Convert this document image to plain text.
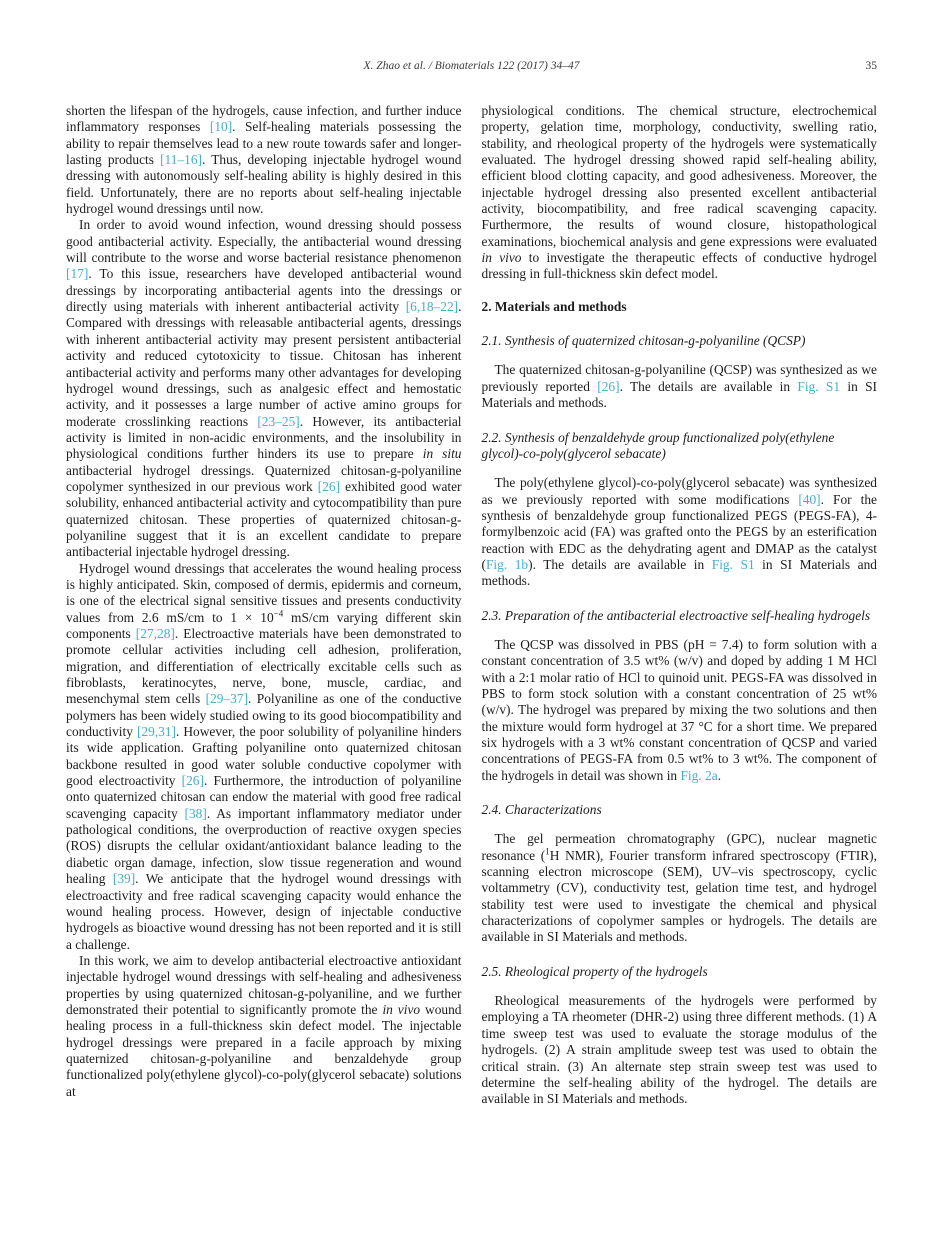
X. Zhao et al. / Biomaterials 122 (2017) 34–47	35

shorten the lifespan of the hydrogels, cause infection, and further induce inflammatory responses [10]. Self-healing materials possessing the ability to repair themselves lead to a new route towards safer and longer-lasting products [11–16]. Thus, developing injectable hydrogel wound dressing with autonomously self-healing ability is highly desired in this field. Unfortunately, there are no reports about self-healing injectable hydrogel wound dressings until now.

In order to avoid wound infection, wound dressing should possess good antibacterial activity. Especially, the antibacterial wound dressing will contribute to the worse and worse bacterial resistance phenomenon [17]. To this issue, researchers have developed antibacterial wound dressings by incorporating antibacterial agents into the dressings or directly using materials with inherent antibacterial activity [6,18–22]. Compared with dressings with releasable antibacterial agents, dressings with inherent antibacterial activity may present persistent antibacterial activity and reduced cytotoxicity to tissue. Chitosan has inherent antibacterial activity and performs many other advantages for developing hydrogel wound dressings, such as analgesic effect and hemostatic activity, and it possesses a large number of active amino groups for moderate crosslinking reactions [23–25]. However, its antibacterial activity is limited in non-acidic environments, and the insolubility in physiological conditions further hinders its use to prepare in situ antibacterial hydrogel dressings. Quaternized chitosan-g-polyaniline copolymer synthesized in our previous work [26] exhibited good water solubility, enhanced antibacterial activity and cytocompatibility than pure quaternized chitosan. These properties of quaternized chitosan-g-polyaniline suggest that it is an excellent candidate to prepare antibacterial injectable hydrogel dressing.

Hydrogel wound dressings that accelerates the wound healing process is highly anticipated. Skin, composed of dermis, epidermis and corneum, is one of the electrical signal sensitive tissues and presents conductivity values from 2.6 mS/cm to $1 \times 10^{-4}$ mS/cm varying different skin components [27,28]. Electroactive materials have been demonstrated to promote cellular activities including cell adhesion, proliferation, migration, and differentiation of electrically excitable cells such as fibroblasts, keratinocytes, nerve, bone, muscle, cardiac, and mesenchymal stem cells [29–37]. Polyaniline as one of the conductive polymers has been widely studied owing to its good biocompatibility and conductivity [29,31]. However, the poor solubility of polyaniline hinders its wide application. Grafting polyaniline onto quaternized chitosan backbone resulted in good water soluble conductive copolymer with good electroactivity [26]. Furthermore, the introduction of polyaniline onto quaternized chitosan can endow the material with good free radical scavenging capacity [38]. As important inflammatory mediator under pathological conditions, the overproduction of reactive oxygen species (ROS) disrupts the cellular oxidant/antioxidant balance leading to the diabetic organ damage, infection, slow tissue regeneration and wound healing [39]. We anticipate that the hydrogel wound dressings with electroactivity and free radical scavenging capacity would enhance the wound healing process. However, design of injectable conductive hydrogels as bioactive wound dressing has not been reported and it is still a challenge.

In this work, we aim to develop antibacterial electroactive antioxidant injectable hydrogel wound dressings with self-healing and adhesiveness properties by using quaternized chitosan-g-polyaniline, and we further demonstrated their potential to significantly promote the in vivo wound healing process in a full-thickness skin defect model. The injectable hydrogel dressings were prepared in a facile approach by mixing quaternized chitosan-g-polyaniline and benzaldehyde group functionalized poly(ethylene glycol)-co-poly(glycerol sebacate) solutions at

physiological conditions. The chemical structure, electrochemical property, gelation time, morphology, conductivity, swelling ratio, stability, and rheological property of the hydrogels were systematically evaluated. The hydrogel dressing showed rapid self-healing ability, efficient blood clotting capacity, and good adhesiveness. Moreover, the injectable hydrogel dressing also presented excellent antibacterial activity, biocompatibility, and free radical scavenging capacity. Furthermore, the results of wound closure, histopathological examinations, biochemical analysis and gene expressions were evaluated in vivo to investigate the therapeutic effects of conductive hydrogel dressing in full-thickness skin defect model.

2. Materials and methods
2.1. Synthesis of quaternized chitosan-g-polyaniline (QCSP)

The quaternized chitosan-g-polyaniline (QCSP) was synthesized as we previously reported [26]. The details are available in Fig. S1 in SI Materials and methods.

2.2. Synthesis of benzaldehyde group functionalized poly(ethylene glycol)-co-poly(glycerol sebacate)

The poly(ethylene glycol)-co-poly(glycerol sebacate) was synthesized as we previously reported with some modifications [40]. For the synthesis of benzaldehyde group functionalized PEGS (PEGS-FA), 4-formylbenzoic acid (FA) was grafted onto the PEGS by an esterification reaction with EDC as the dehydrating agent and DMAP as the catalyst (Fig. 1b). The details are available in Fig. S1 in SI Materials and methods.

2.3. Preparation of the antibacterial electroactive self-healing hydrogels

The QCSP was dissolved in PBS (pH = 7.4) to form solution with a constant concentration of 3.5 wt% (w/v) and doped by adding 1 M HCl with a 2:1 molar ratio of HCl to quinoid unit. PEGS-FA was dissolved in PBS to form stock solution with a constant concentration of 25 wt% (w/v). The hydrogel was prepared by mixing the two solutions and then the mixture would form hydrogel at 37 °C for a short time. We prepared six hydrogels with a 3 wt% constant concentration of QCSP and varied concentrations of PEGS-FA from 0.5 wt% to 3 wt%. The component of the hydrogels in detail was shown in Fig. 2a.

2.4. Characterizations

The gel permeation chromatography (GPC), nuclear magnetic resonance ($^1$H NMR), Fourier transform infrared spectroscopy (FTIR), scanning electron microscope (SEM), UV–vis spectroscopy, cyclic voltammetry (CV), conductivity test, gelation time test, and hydrogel stability test were used to investigate the chemical and physical characterizations of copolymer samples or hydrogels. The details are available in SI Materials and methods.

2.5. Rheological property of the hydrogels

Rheological measurements of the hydrogels were performed by employing a TA rheometer (DHR-2) using three different methods. (1) A time sweep test was used to evaluate the storage modulus of the hydrogels. (2) A strain amplitude sweep test was used to obtain the critical strain. (3) An alternate step strain sweep test was used to determine the self-healing ability of the hydrogel. The details are available in SI Materials and methods.
